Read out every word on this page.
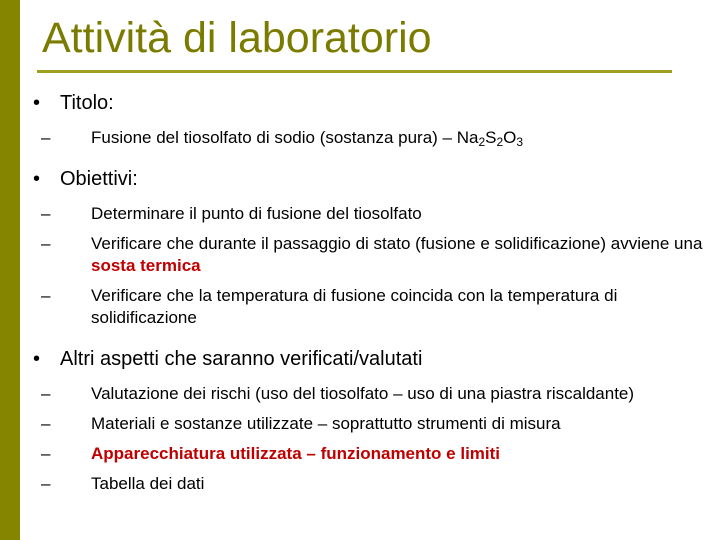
Attività di laboratorio
• Titolo:
– Fusione del tiosolfato di sodio (sostanza pura) – $Na_2S_2O_3$
• Obiettivi:
– Determinare il punto di fusione del tiosolfato
– Verificare che durante il passaggio di stato (fusione e solidificazione) avviene una sosta termica
– Verificare che la temperatura di fusione coincida con la temperatura di solidificazione
• Altri aspetti che saranno verificati/valutati
– Valutazione dei rischi (uso del tiosolfato – uso di una piastra riscaldante)
– Materiali e sostanze utilizzate – soprattutto strumenti di misura
– Apparecchiatura utilizzata – funzionamento e limiti
– Tabella dei dati
